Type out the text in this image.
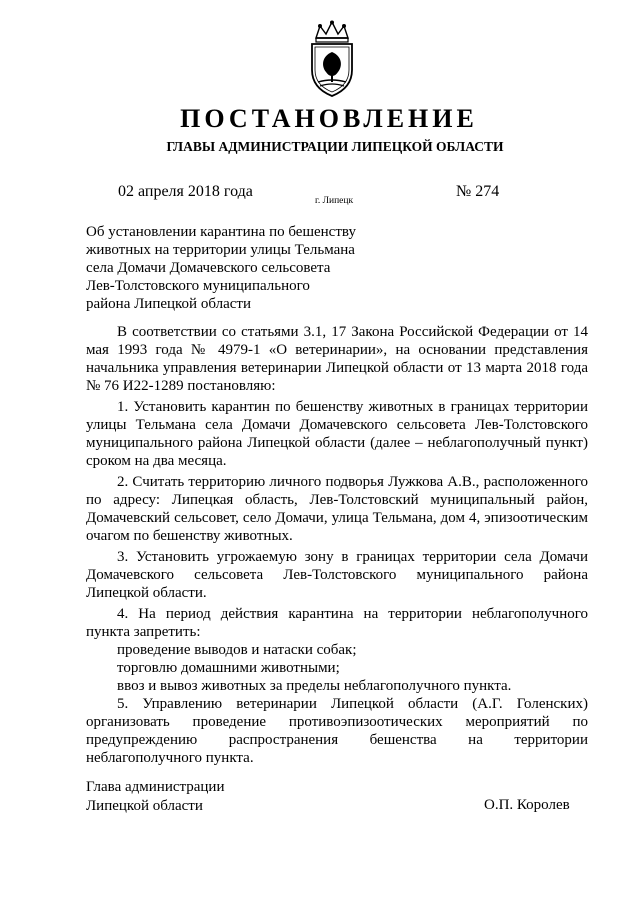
ПОСТАНОВЛЕНИЕ
ГЛАВЫ АДМИНИСТРАЦИИ ЛИПЕЦКОЙ ОБЛАСТИ
02 апреля 2018 года
г. Липецк
№ 274
Об установлении карантина по бешенству
животных на территории улицы Тельмана
села Домачи Домачевского сельсовета
Лев-Толстовского муниципального
района Липецкой области

В соответствии со статьями 3.1, 17 Закона Российской Федерации от 14 мая 1993 года № 4979-1 «О ветеринарии», на основании представления начальника управления ветеринарии Липецкой области от 13 марта 2018 года № 76 И22-1289 постановляю:

1. Установить карантин по бешенству животных в границах территории улицы Тельмана села Домачи Домачевского сельсовета Лев-Толстовского муниципального района Липецкой области (далее – неблагополучный пункт) сроком на два месяца.

2. Считать территорию личного подворья Лужкова А.В., расположенного по адресу: Липецкая область, Лев-Толстовский муниципальный район, Домачевский сельсовет, село Домачи, улица Тельмана, дом 4, эпизоотическим очагом по бешенству животных.

3. Установить угрожаемую зону в границах территории села Домачи Домачевского сельсовета Лев-Толстовского муниципального района Липецкой области.

4. На период действия карантина на территории неблагополучного пункта запретить:

проведение выводов и натаски собак;

торговлю домашними животными;

ввоз и вывоз животных за пределы неблагополучного пункта.

5. Управлению ветеринарии Липецкой области (А.Г. Голенских) организовать проведение противоэпизоотических мероприятий по предупреждению распространения бешенства на территории неблагополучного пункта.

Глава администрации
Липецкой области	О.П. Королев
